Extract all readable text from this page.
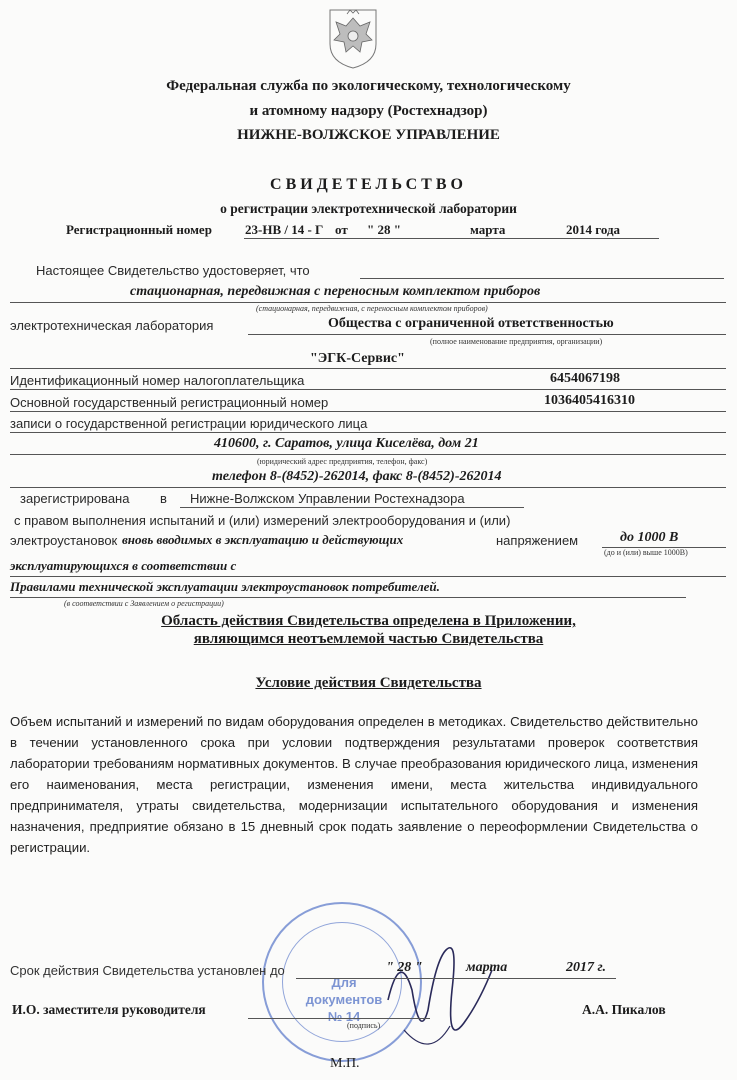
Федеральная служба по экологическому, технологическому
и атомному надзору (Ростехнадзор)
НИЖНЕ-ВОЛЖСКОЕ УПРАВЛЕНИЕ
СВИДЕТЕЛЬСТВО
о регистрации электротехнической лаборатории
Регистрационный номер	23-НВ / 14 - Г от " 28 "	марта	2014 года
Настоящее Свидетельство удостоверяет, что
стационарная, передвижная с переносным комплектом приборов
(стационарная, передвижная, с переносным комплектом приборов)
электротехническая лаборатория	Общества с ограниченной ответственностью
(полное наименование предприятия, организации)
"ЭГК-Сервис"
Идентификационный номер налогоплательщика	6454067198
Основной государственный регистрационный номер	1036405416310
записи о государственной регистрации юридического лица
410600, г. Саратов, улица Киселёва, дом 21
(юридический адрес предприятия, телефон, факс)
телефон 8-(8452)-262014, факс 8-(8452)-262014
зарегистрирована в Нижне-Волжском Управлении Ростехнадзора
с правом выполнения испытаний и (или) измерений электрооборудования и (или)
электроустановок вновь вводимых в эксплуатацию и действующих	напряжением	до 1000 В
(до и (или) выше 1000В)
эксплуатирующихся в соответствии с
Правилами технической эксплуатации электроустановок потребителей.
(в соответствии с Заявлением о регистрации)
Область действия Свидетельства определена в Приложении,
являющимся неотъемлемой частью Свидетельства
Условие действия Свидетельства
Объем испытаний и измерений по видам оборудования определен в методиках. Свидетельство действительно в течении установленного срока при условии подтверждения результатами проверок соответствия лаборатории требованиям нормативных документов. В случае преобразования юридического лица, изменения его наименования, места регистрации, изменения имени, места жительства индивидуального предпринимателя, утраты свидетельства, модернизации испытательного оборудования и изменения назначения, предприятие обязано в 15 дневный срок подать заявление о переоформлении Свидетельства о регистрации.
Для
документов
№ 14
Срок действия Свидетельства установлен до	" 28 "	марта	2017 г.
И.О. заместителя руководителя
(подпись)
А.А. Пикалов
М.П.
